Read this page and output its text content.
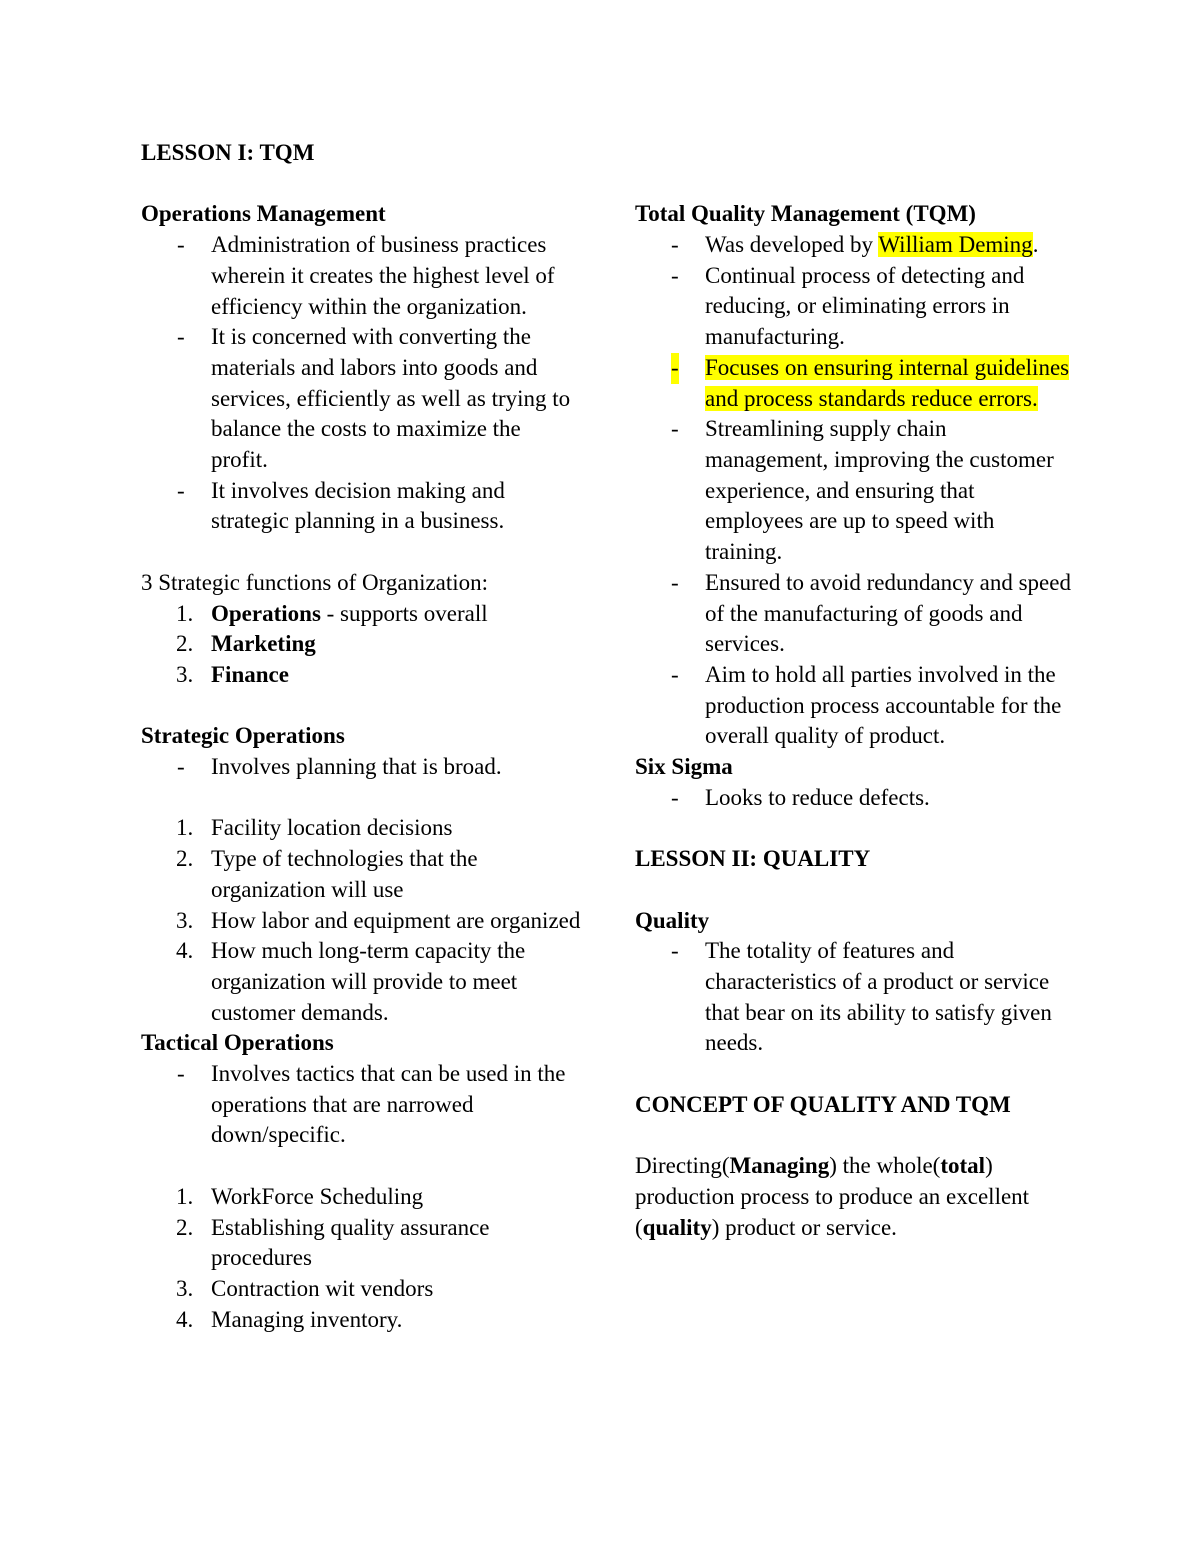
LESSON I: TQM
Operations Management
- Administration of business practices wherein it creates the highest level of efficiency within the organization.
- It is concerned with converting the materials and labors into goods and services, efficiently as well as trying to balance the costs to maximize the profit.
- It involves decision making and strategic planning in a business.
3 Strategic functions of Organization:
1. Operations - supports overall
2. Marketing
3. Finance
Strategic Operations
- Involves planning that is broad.
1. Facility location decisions
2. Type of technologies that the organization will use
3. How labor and equipment are organized
4. How much long-term capacity the organization will provide to meet customer demands.
Tactical Operations
- Involves tactics that can be used in the operations that are narrowed down/specific.
1. WorkForce Scheduling
2. Establishing quality assurance procedures
3. Contraction wit vendors
4. Managing inventory.
Total Quality Management (TQM)
- Was developed by William Deming.
- Continual process of detecting and reducing, or eliminating errors in manufacturing.
- Focuses on ensuring internal guidelines and process standards reduce errors.
- Streamlining supply chain management, improving the customer experience, and ensuring that employees are up to speed with training.
- Ensured to avoid redundancy and speed of the manufacturing of goods and services.
- Aim to hold all parties involved in the production process accountable for the overall quality of product.
Six Sigma
- Looks to reduce defects.
LESSON II: QUALITY
Quality
- The totality of features and characteristics of a product or service that bear on its ability to satisfy given needs.
CONCEPT OF QUALITY AND TQM
Directing(Managing) the whole(total) production process to produce an excellent (quality) product or service.
